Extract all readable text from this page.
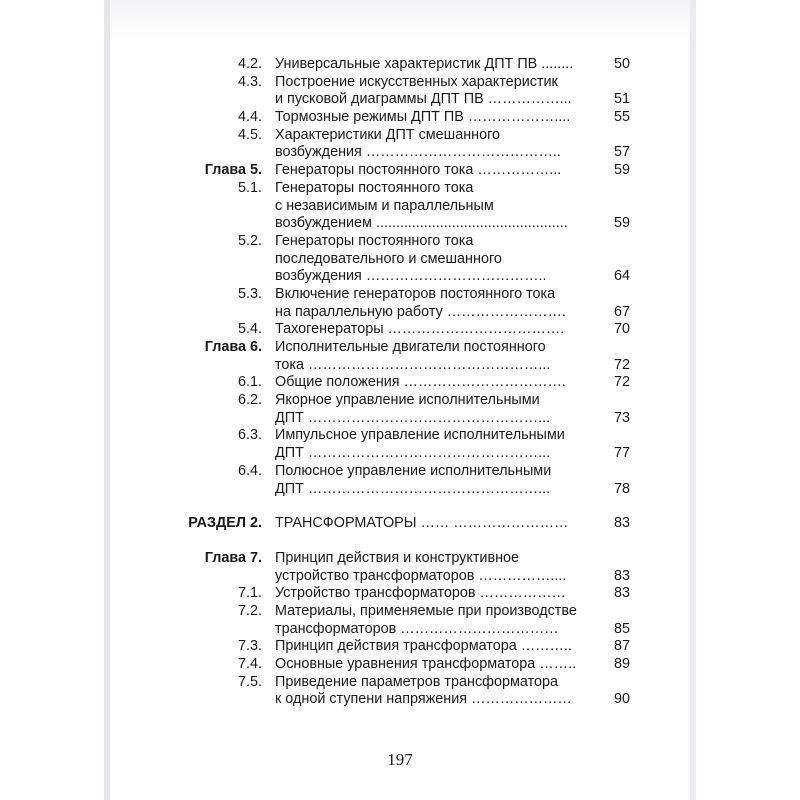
4.2. Универсальные характеристик ДПТ ПВ ........	50
4.3. Построение искусственных характеристик
и пусковой диаграммы ДПТ ПВ ……………...	51
4.4. Тормозные режимы ДПТ ПВ ………………....	55
4.5. Характеристики ДПТ смешанного
возбуждения …………………………………..	57
Глава 5. Генераторы постоянного тока ……………...	59
5.1. Генераторы постоянного тока
с независимым и параллельным
возбуждением ................................................	59
5.2. Генераторы постоянного тока
последовательного и смешанного
возбуждения ………………………………..	64
5.3. Включение генераторов постоянного тока
на параллельную работу …………………….	67
5.4. Тахогенераторы ……………………………….	70
Глава 6. Исполнительные двигатели постоянного
тока …………………………………………...	72
6.1. Общие положения …………………………….	72
6.2. Якорное управление исполнительными
ДПТ …………………………………………...	73
6.3. Импульсное управление исполнительными
ДПТ …………………………………………...	77
6.4. Полюсное управление исполнительными
ДПТ …………………………………………...	78
РАЗДЕЛ 2. ТРАНСФОРМАТОРЫ …… ……………………	83
Глава 7. Принцип действия и конструктивное
устройство трансформаторов ……………....	83
7.1. Устройство трансформаторов ………………	83
7.2. Материалы, применяемые при производстве
трансформаторов ……………………………	85
7.3. Принцип действия трансформатора ………..	87
7.4. Основные уравнения трансформатора ……..	89
7.5. Приведение параметров трансформатора
к одной ступени напряжения …………………	90
197
